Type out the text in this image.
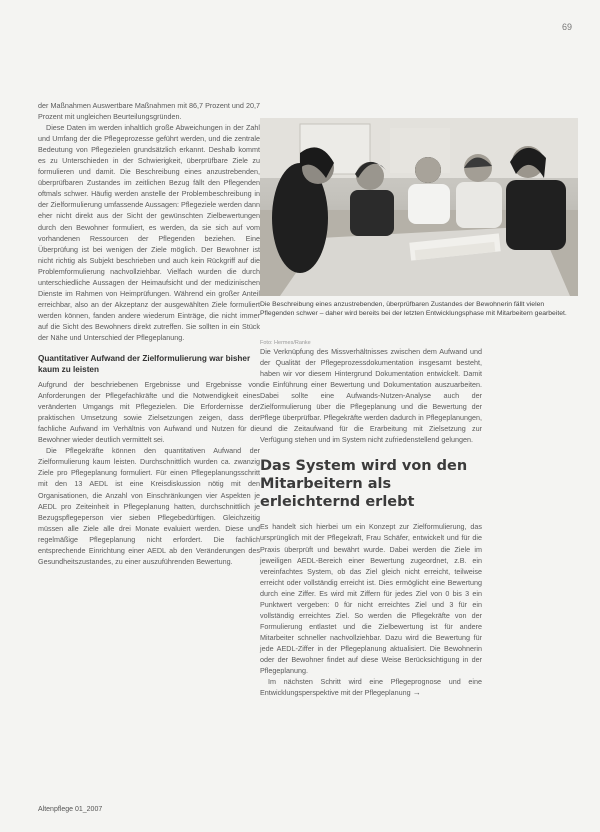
69

der Maßnahmen Auswertbare Maßnahmen mit 86,7 Prozent und 20,7 Prozent mit ungleichen Beurteilungsgründen.

Diese Daten im werden inhaltlich große Abweichungen in der Zahl und Umfang der die Pflegeprozesse geführt werden, und die zentrale Bedeutung von Pflegezielen grundsätzlich erkannt. Deshalb kommt es zu Unterschieden in der Schwierigkeit, überprüfbare Ziele zu formulieren und damit. Die Beschreibung eines anzustrebenden, überprüfbaren Zustandes im zeitlichen Bezug fällt den Pflegenden oftmals schwer. Häufig werden anstelle der Problembeschreibung in der Zielformulierung umfassende Aussagen: Pflegeziele werden dann eher nicht direkt aus der Sicht der gewünschten Zielbewertungen durch den Bewohner formuliert, es werden, da sie sich auf vom vorhandenen Ressourcen der Pflegenden beziehen. Eine Überprüfung ist bei wenigen der Ziele möglich. Der Bewohner ist nicht richtig als Subjekt beschrieben und auch kein Rückgriff auf die Problemformulierung nachvollziehbar. Vielfach wurden die durch unterschiedliche Aussagen der Heimaufsicht und der medizinischen Dienste im Rahmen von Heimprüfungen. Während ein großer Anteil erreichbar, also an der Akzeptanz der ausgewählten Ziele formuliert werden können, fanden andere wiederum Einträge, die nicht immer auf die Sicht des Bewohners direkt zutreffen. Sie sollten in ein Stück der Nähe und Unterschied der Pflegeplanung.

Quantitativer Aufwand der Zielformulierung war bisher kaum zu leisten

Aufgrund der beschriebenen Ergebnisse und Ergebnisse von Anforderungen der Pflegefachkräfte und die Notwendigkeit eines veränderten Umgangs mit Pflegezielen. Die Erfordernisse der praktischen Umsetzung sowie Zielsetzungen zeigen, dass der fachliche Aufwand im Verhältnis von Aufwand und Nutzen für die Bewohner wieder deutlich vermittelt sei.

Die Pflegekräfte können den quantitativen Aufwand der Zielformulierung kaum leisten. Durchschnittlich wurden ca. zwanzig Ziele pro Pflegeplanung formuliert. Für einen Pflegeplanungsschritt mit den 13 AEDL ist eine Kreisdiskussion nötig mit den Organisationen, die Anzahl von Einschränkungen vier Aspekten je AEDL pro Zeiteinheit in Pflegeplanung hatten, durchschnittlich je Bezugspflegeperson vier sieben Pflegebedürftigen. Gleichzeitig müssen alle Ziele alle drei Monate evaluiert werden. Diese und regelmäßige Pflegeplanung nicht erfordert. Die fachlich entsprechende Einrichtung einer AEDL ab den Veränderungen des Gesundheitszustandes, zu einer auszuführenden Bewertung.

Die Beschreibung eines anzustrebenden, überprüfbaren Zustandes der Bewohnerin fällt vielen Pflegenden schwer – daher wird bereits bei der letzten Entwicklungsphase mit Mitarbeitern gearbeitet.
Foto: Hermes/Ranke

Die Verknüpfung des Missverhältnisses zwischen dem Aufwand und der Qualität der Pflegeprozessdokumentation insgesamt besteht, haben wir vor diesem Hintergrund Dokumentation entwickelt. Damit die Einführung einer Bewertung und Dokumentation auszuarbeiten. Dabei sollte eine Aufwands-Nutzen-Analyse auch der Zielformulierung über die Pflegeplanung und die Bewertung der Pflege überprüfbar. Pflegekräfte werden dadurch in Pflegeplanungen, und die Zeitaufwand für die Erarbeitung mit Zielsetzung zur Verfügung stehen und im System nicht zufriedenstellend gelungen.

Das System wird von den Mitarbeitern als erleichternd erlebt

Es handelt sich hierbei um ein Konzept zur Zielformulierung, das ursprünglich mit der Pflegekraft, Frau Schäfer, entwickelt und für die Praxis überprüft und bewährt wurde. Dabei werden die Ziele im jeweiligen AEDL-Bereich einer Bewertung zugeordnet, z.B. ein vereinfachtes System, ob das Ziel gleich nicht erreicht, teilweise erreicht oder vollständig erreicht ist. Dies ermöglicht eine Bewertung durch eine Ziffer. Es wird mit Ziffern für jedes Ziel von 0 bis 3 ein Punktwert vergeben: 0 für nicht erreichtes Ziel und 3 für ein vollständig erreichtes Ziel. So werden die Pflegekräfte von der Formulierung entlastet und die Zielbewertung ist für andere Mitarbeiter schneller nachvollziehbar. Dazu wird die Bewertung für jede AEDL-Ziffer in der Pflegeplanung aktualisiert. Die Bewohnerin oder der Bewohner findet auf diese Weise Berücksichtigung in der Pflegeplanung.

Im nächsten Schritt wird eine Pflegeprognose und eine Entwicklungsperspektive mit der Pflegeplanung →

Altenpflege 01_2007
